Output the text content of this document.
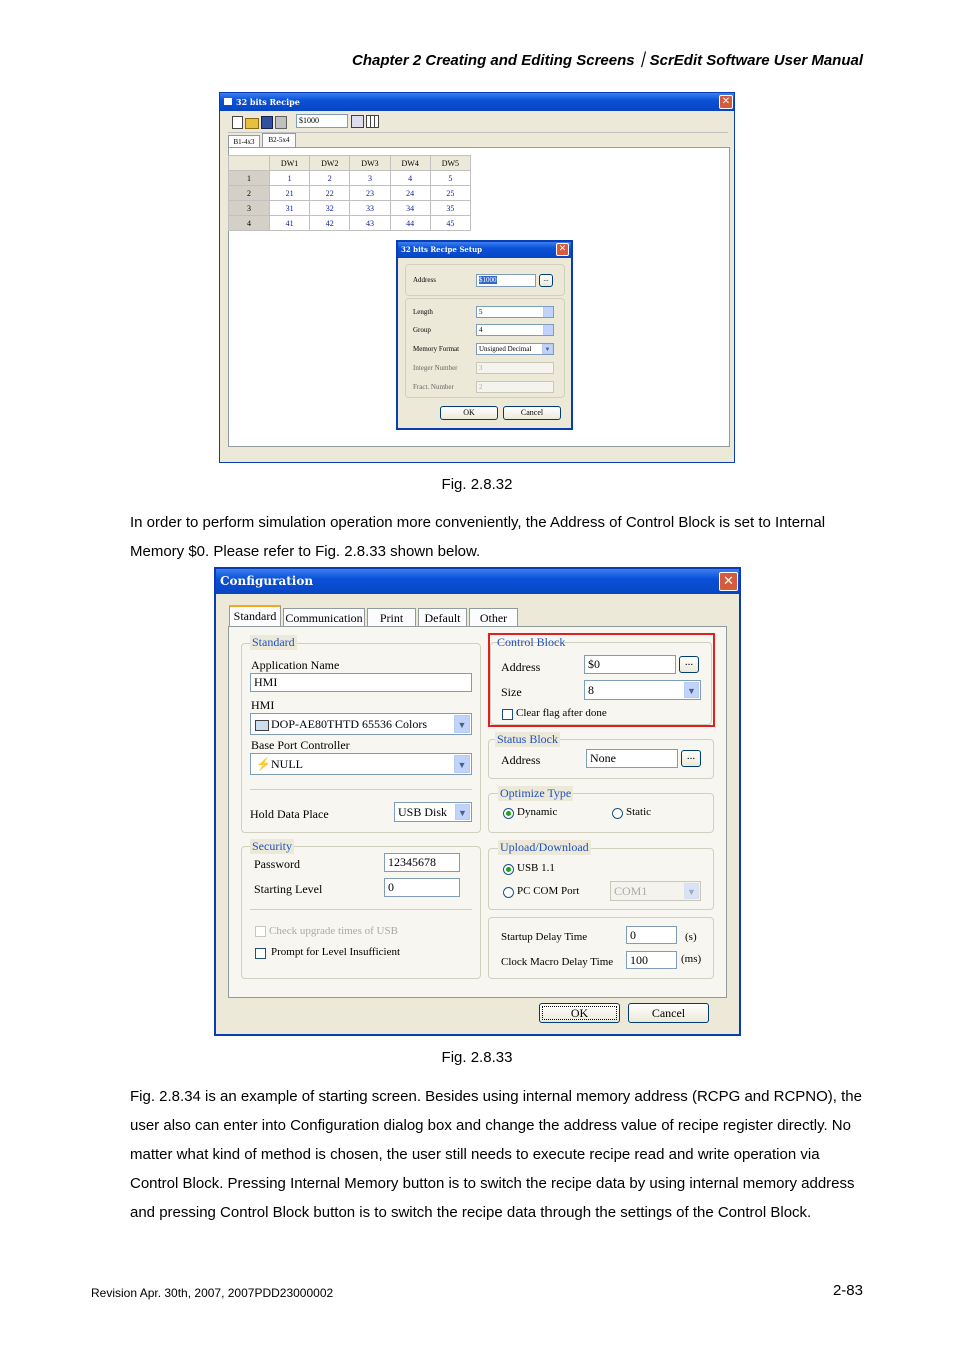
Chapter 2 Creating and Editing Screens｜ScrEdit Software User Manual
32 bits Recipe	✕
$1000
B1-4x3	B2-5x4
	DW1	DW2	DW3	DW4	DW5
1	1	2	3	4	5
2	21	22	23	24	25
3	31	32	33	34	35
4	41	42	43	44	45
32 bits Recipe Setup	✕
Address	$1000	...
Length	5
Group	4
Memory Format	Unsigned Decimal	▼
Integer Number	3
Fract. Number	2
OK	Cancel
Fig. 2.8.32
In order to perform simulation operation more conveniently, the Address of Control Block is set to Internal Memory $0. Please refer to Fig. 2.8.33 shown below.
Configuration	✕
Standard Communication	Print	Default	Other
Standard
Application Name
HMI
HMI
DOP-AE80THTD 65536 Colors	▼
Base Port Controller
⚡ NULL	▼
Hold Data Place	USB Disk	▼
Security
Password	12345678
Starting Level	0
Check upgrade times of USB
Prompt for Level Insufficient
Control Block
Address	$0	...
Size	8	▼
Clear flag after done
Status Block
Address	None	...
Optimize Type
Dynamic	Static
Upload/Download
USB 1.1
PC COM Port	COM1	▼
Startup Delay Time	0	(s)
Clock Macro Delay Time	100	(ms)
OK	Cancel
Fig. 2.8.33
Fig. 2.8.34 is an example of starting screen. Besides using internal memory address (RCPG and RCPNO), the user also can enter into Configuration dialog box and change the address value of recipe register directly. No matter what kind of method is chosen, the user still needs to execute recipe read and write operation via Control Block. Pressing Internal Memory button is to switch the recipe data by using internal memory address and pressing Control Block button is to switch the recipe data through the settings of the Control Block.
Revision Apr. 30th, 2007, 2007PDD23000002	2-83
